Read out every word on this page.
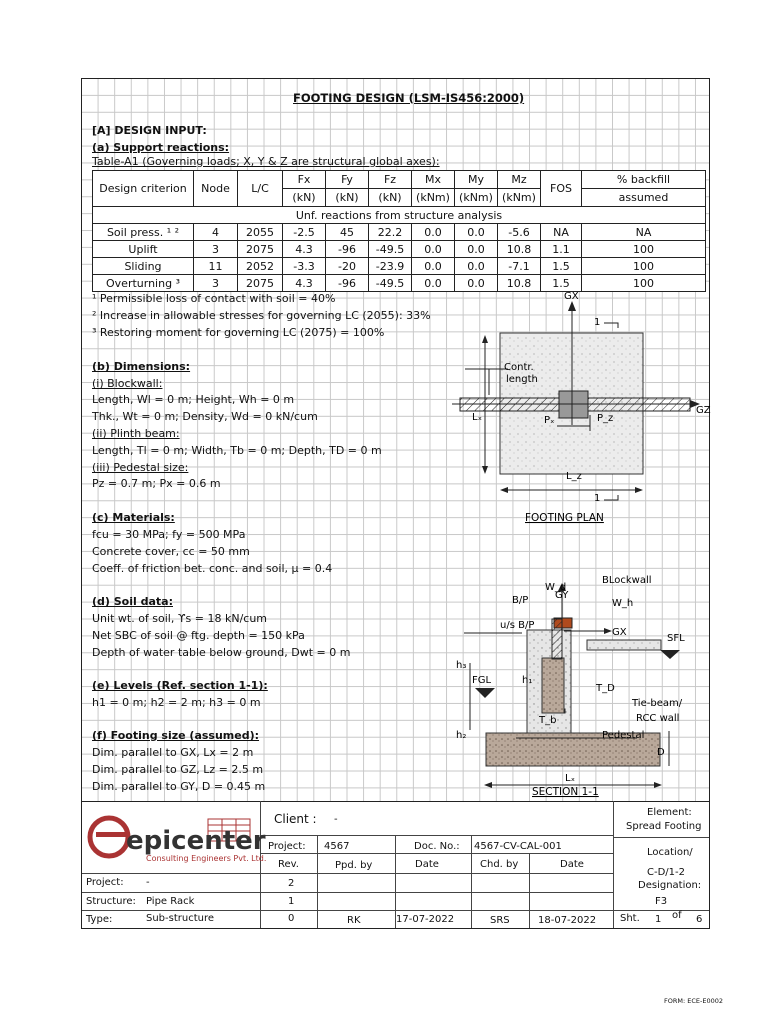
FOOTING DESIGN (LSM-IS456:2000)
[A] DESIGN INPUT:
(a) Support reactions:
Table-A1 (Governing loads; X, Y & Z are structural global axes):
Design criterion	Node	L/C	Fx	Fy	Fz	Mx	My	Mz	FOS	% backfill
			(kN)	(kN)	(kN)	(kNm)	(kNm)	(kNm)		assumed
Unf. reactions from structure analysis										
Soil press. ¹ ²	4	2055	-2.5	45	22.2	0.0	0.0	-5.6	NA	NA
Uplift	3	2075	4.3	-96	-49.5	0.0	0.0	10.8	1.1	100
Sliding	11	2052	-3.3	-20	-23.9	0.0	0.0	-7.1	1.5	100
Overturning ³	3	2075	4.3	-96	-49.5	0.0	0.0	10.8	1.5	100
¹ Permissible loss of contact with soil = 40%
² Increase in allowable stresses for governing LC (2055): 33%
³ Restoring moment for governing LC (2075) = 100%
(b) Dimensions:
(i) Blockwall:
Length, Wl = 0 m; Height, Wh = 0 m
Thk., Wt = 0 m; Density, Wd = 0 kN/cum
(ii) Plinth beam:
Length, Tl = 0 m; Width, Tb = 0 m; Depth, TD = 0 m
(iii) Pedestal size:
Pz = 0.7 m; Px = 0.6 m
(c) Materials:
fcu = 30 MPa; fy = 500 MPa
Concrete cover, cc = 50 mm
Coeff. of friction bet. conc. and soil, μ = 0.4
(d) Soil data:
Unit wt. of soil, ϒs = 18 kN/cum
Net SBC of soil @ ftg. depth = 150 kPa
Depth of water table below ground, Dwt = 0 m
(e) Levels (Ref. section 1-1):
h1 = 0 m; h2 = 2 m; h3 = 0 m
(f) Footing size (assumed):
Dim. parallel to GX, Lx = 2 m
Dim. parallel to GZ, Lz = 2.5 m
Dim. parallel to GY, D = 0.45 m
Contr.
length
GX
GZ
1
1
Lₓ	Pₓ	P_z
L_z
FOOTING PLAN
W_d
BLockwall
B/P	GY
u/s B/P
W_h
GX
SFL
h₃
FGL	h₁
T_D
T_b
Tie-beam/
RCC wall
Pedestal
h₂
D
Lₓ
SECTION 1-1
epicenter
Consulting Engineers Pvt. Ltd.
Client : -
Element:
Spread Footing
Project: 4567	Doc. No.: 4567-CV-CAL-001
Location/
C-D/1-2
Designation:
F3
Rev.	Ppd. by	Date	Chd. by	Date
Project: -	2
Structure: Pipe Rack	1
Type:	Sub-structure	0	RK	17-07-2022	SRS	18-07-2022 Sht. 1 of 6
FORM: ECE-E0002
